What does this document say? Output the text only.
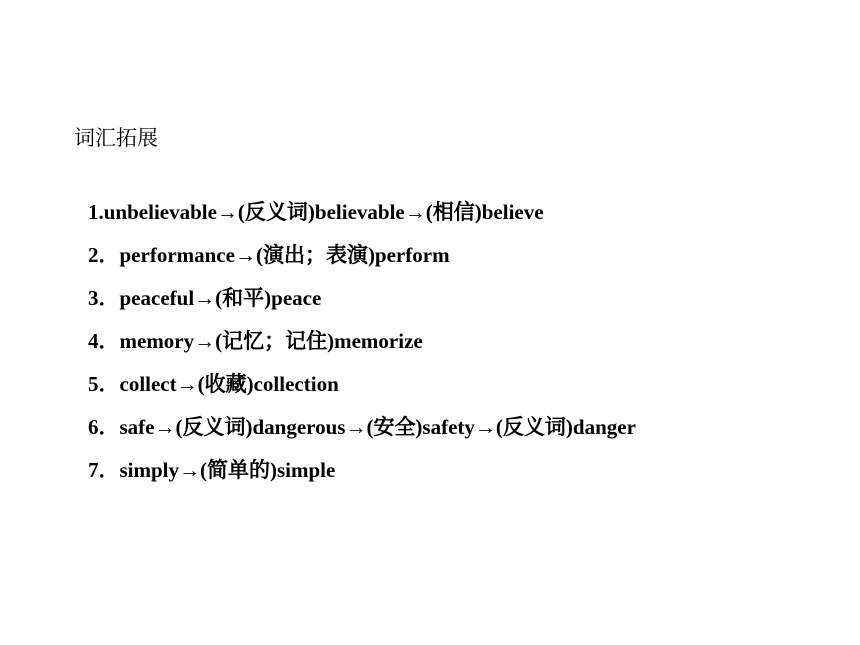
词汇拓展
1.unbelievable→(反义词)believable→(相信)believe
2．performance→(演出；表演)perform
3．peaceful→(和平)peace
4．memory→(记忆；记住)memorize
5．collect→(收藏)collection
6．safe→(反义词)dangerous→(安全)safety→(反义词)danger
7．simply→(简单的)simple
